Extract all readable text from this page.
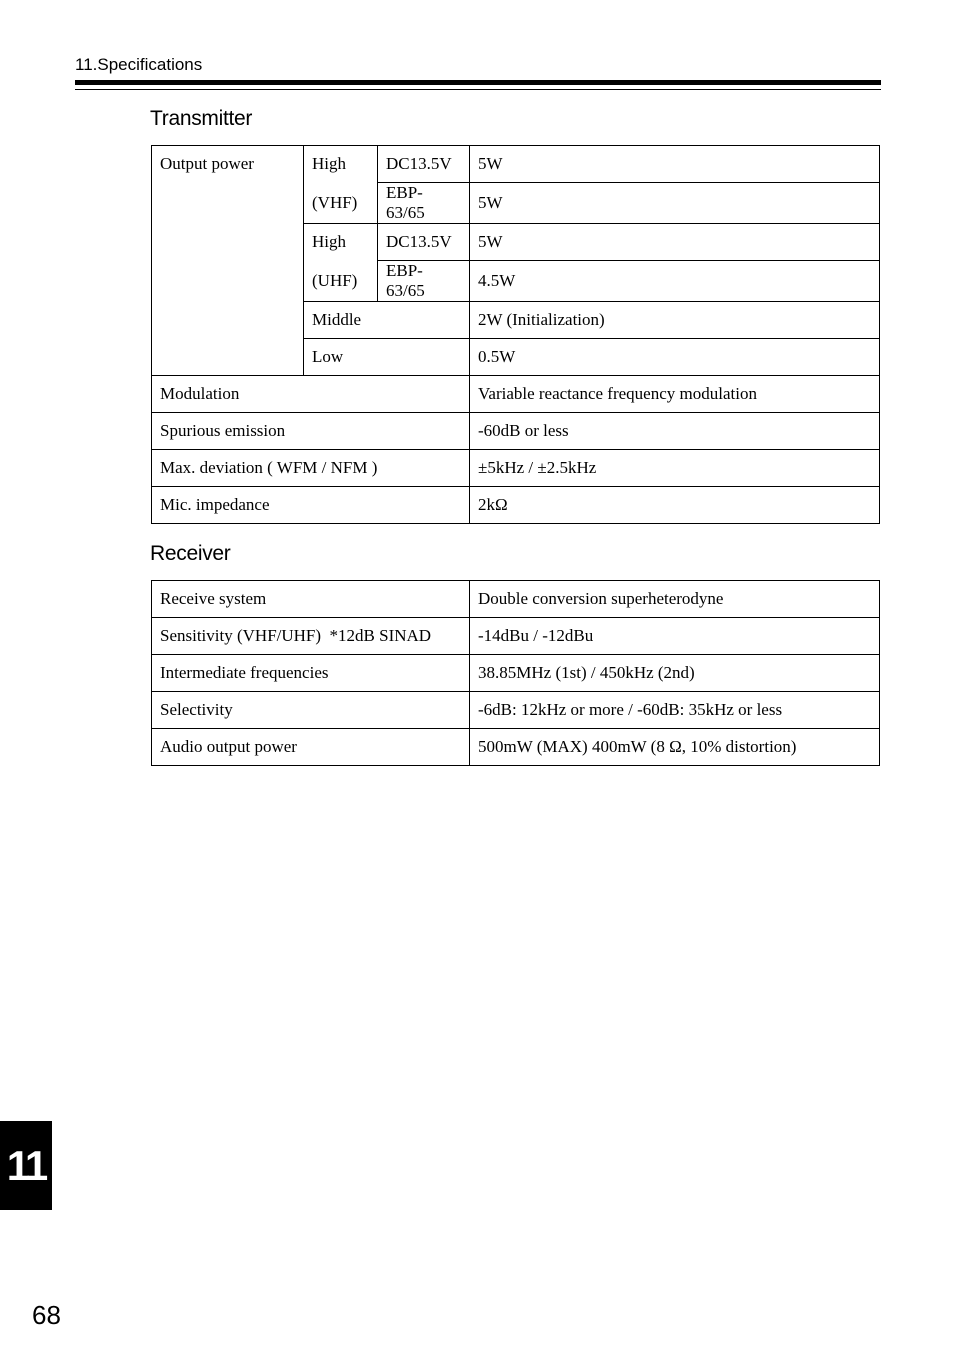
11.Specifications
Transmitter
Output power	High	DC13.5V	5W
	(VHF)	EBP-63/65	5W
	High	DC13.5V	5W
	(UHF)	EBP-63/65	4.5W
	Middle		2W (Initialization)
	Low		0.5W
Modulation			Variable reactance frequency modulation
Spurious emission			-60dB or less
Max. deviation ( WFM / NFM )			±5kHz / ±2.5kHz
Mic. impedance			2kΩ
Receiver
Receive system	Double conversion superheterodyne
Sensitivity (VHF/UHF)  *12dB SINAD	-14dBu / -12dBu
Intermediate frequencies	38.85MHz (1st) / 450kHz (2nd)
Selectivity	-6dB: 12kHz or more / -60dB: 35kHz or less
Audio output power	500mW (MAX) 400mW (8 Ω, 10% distortion)
11
68
